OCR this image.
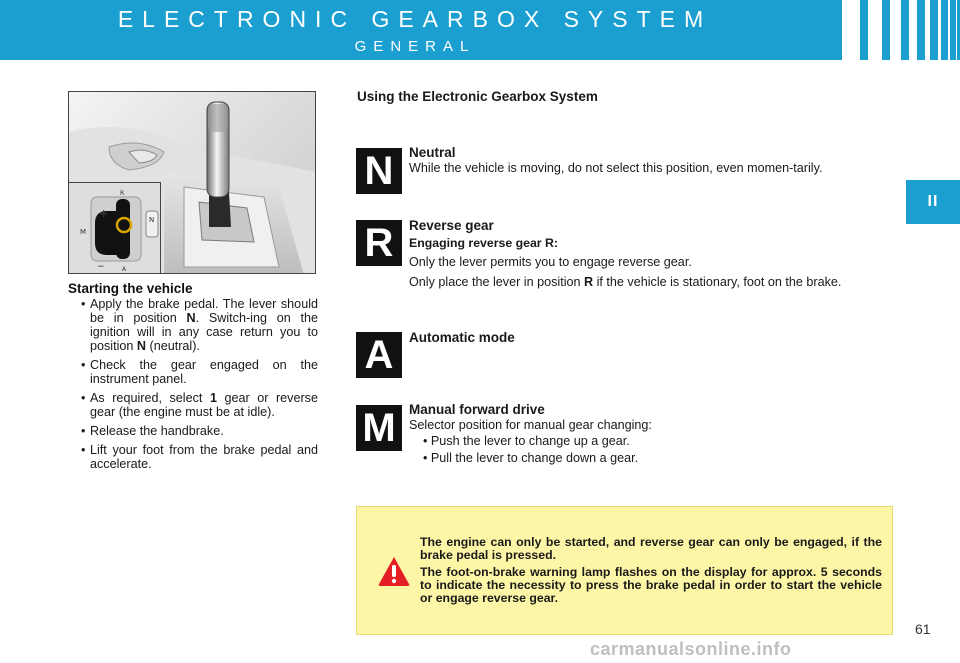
ELECTRONIC GEARBOX SYSTEM
GENERAL
II
+
−
M
R
A
N
Starting the vehicle
• Apply the brake pedal. The lever should be in position N. Switch-ing on the ignition will in any case return you to position N (neutral).
• Check the gear engaged on the instrument panel.
• As required, select 1 gear or reverse gear (the engine must be at idle).
• Release the handbrake.
• Lift your foot from the brake pedal and accelerate.
Using the Electronic Gearbox System
N	Neutral

While the vehicle is moving, do not select this position, even momen-tarily.

R	Reverse gear
Engaging reverse gear R:

Only the lever permits you to engage reverse gear.

Only place the lever in position R if the vehicle is stationary, foot on the brake.

A	Automatic mode
M Manual forward drive

Selector position for manual gear changing:

• Push the lever to change up a gear.

• Pull the lever to change down a gear.

The engine can only be started, and reverse gear can only be engaged, if the brake pedal is pressed.

The foot-on-brake warning lamp flashes on the display for approx. 5 seconds to indicate the necessity to press the brake pedal in order to start the vehicle or engage reverse gear.

61
carmanualsonline.info
